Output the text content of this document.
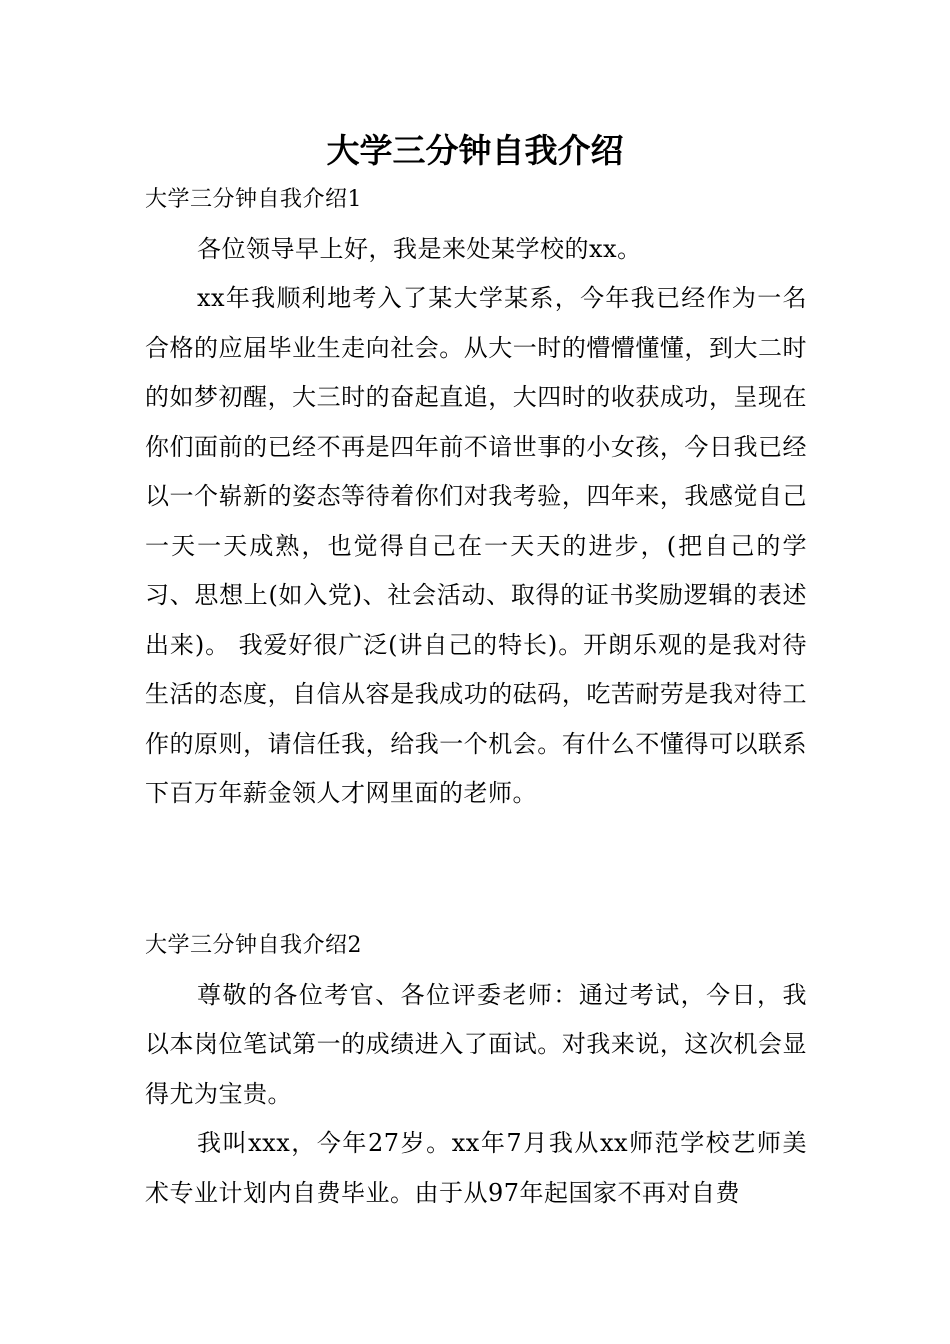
大学三分钟自我介绍

大学三分钟自我介绍1

各位领导早上好，我是来处某学校的xx。

xx年我顺利地考入了某大学某系，今年我已经作为一名合格的应届毕业生走向社会。从大一时的懵懵懂懂，到大二时的如梦初醒，大三时的奋起直追，大四时的收获成功，呈现在你们面前的已经不再是四年前不谙世事的小女孩，今日我已经以一个崭新的姿态等待着你们对我考验，四年来，我感觉自己一天一天成熟，也觉得自己在一天天的进步，(把自己的学习、思想上(如入党)、社会活动、取得的证书奖励逻辑的表述出来)。 我爱好很广泛(讲自己的特长)。开朗乐观的是我对待生活的态度，自信从容是我成功的砝码，吃苦耐劳是我对待工作的原则，请信任我，给我一个机会。有什么不懂得可以联系下百万年薪金领人才网里面的老师。

大学三分钟自我介绍2

尊敬的各位考官、各位评委老师：通过考试，今日，我以本岗位笔试第一的成绩进入了面试。对我来说，这次机会显得尤为宝贵。

我叫xxx，今年27岁。xx年7月我从xx师范学校艺师美术专业计划内自费毕业。由于从97年起国家不再对自费
